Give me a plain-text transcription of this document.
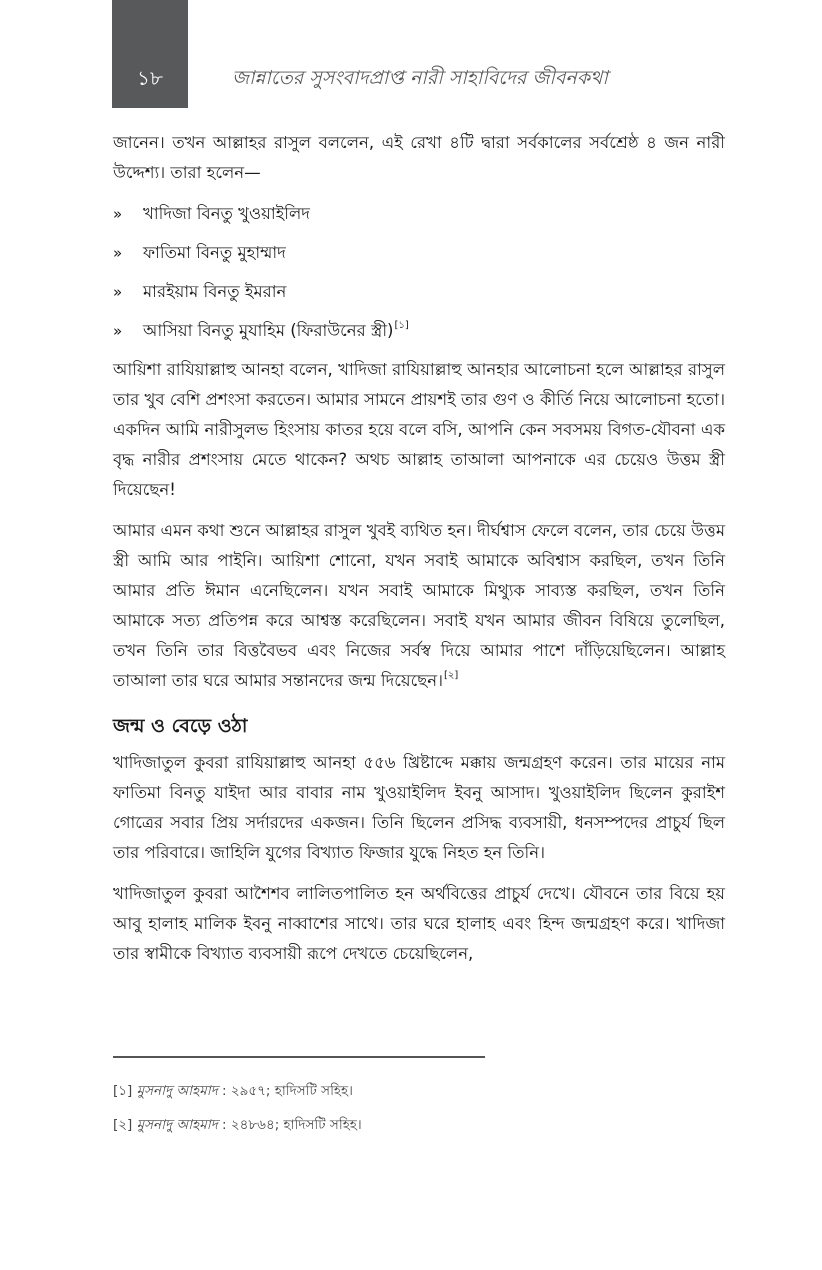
১৮	জান্নাতের সুসংবাদপ্রাপ্ত নারী সাহাবিদের জীবনকথা

জানেন। তখন আল্লাহর রাসুল বললেন, এই রেখা ৪টি দ্বারা সর্বকালের সর্বশ্রেষ্ঠ ৪ জন নারী উদ্দেশ্য। তারা হলেন—

»	খাদিজা বিনতু খুওয়াইলিদ
»	ফাতিমা বিনতু মুহাম্মাদ
»	মারইয়াম বিনতু ইমরান
»	আসিয়া বিনতু মুযাহিম (ফিরাউনের স্ত্রী)[১]

আয়িশা রাযিয়াল্লাহু আনহা বলেন, খাদিজা রাযিয়াল্লাহু আনহার আলোচনা হলে আল্লাহর রাসুল তার খুব বেশি প্রশংসা করতেন। আমার সামনে প্রায়শই তার গুণ ও কীর্তি নিয়ে আলোচনা হতো। একদিন আমি নারীসুলভ হিংসায় কাতর হয়ে বলে বসি, আপনি কেন সবসময় বিগত-যৌবনা এক বৃদ্ধ নারীর প্রশংসায় মেতে থাকেন? অথচ আল্লাহ তাআলা আপনাকে এর চেয়েও উত্তম স্ত্রী দিয়েছেন!

আমার এমন কথা শুনে আল্লাহর রাসুল খুবই ব্যথিত হন। দীর্ঘশ্বাস ফেলে বলেন, তার চেয়ে উত্তম স্ত্রী আমি আর পাইনি। আয়িশা শোনো, যখন সবাই আমাকে অবিশ্বাস করছিল, তখন তিনি আমার প্রতি ঈমান এনেছিলেন। যখন সবাই আমাকে মিথ্যুক সাব্যস্ত করছিল, তখন তিনি আমাকে সত্য প্রতিপন্ন করে আশ্বস্ত করেছিলেন। সবাই যখন আমার জীবন বিষিয়ে তুলেছিল, তখন তিনি তার বিত্তবৈভব এবং নিজের সর্বস্ব দিয়ে আমার পাশে দাঁড়িয়েছিলেন। আল্লাহ তাআলা তার ঘরে আমার সন্তানদের জন্ম দিয়েছেন।[২]

জন্ম ও বেড়ে ওঠা

খাদিজাতুল কুবরা রাযিয়াল্লাহু আনহা ৫৫৬ খ্রিষ্টাব্দে মক্কায় জন্মগ্রহণ করেন। তার মায়ের নাম ফাতিমা বিনতু যাইদা আর বাবার নাম খুওয়াইলিদ ইবনু আসাদ। খুওয়াইলিদ ছিলেন কুরাইশ গোত্রের সবার প্রিয় সর্দারদের একজন। তিনি ছিলেন প্রসিদ্ধ ব্যবসায়ী, ধনসম্পদের প্রাচুর্য ছিল তার পরিবারে। জাহিলি যুগের বিখ্যাত ফিজার যুদ্ধে নিহত হন তিনি।

খাদিজাতুল কুবরা আশৈশব লালিতপালিত হন অর্থবিত্তের প্রাচুর্য দেখে। যৌবনে তার বিয়ে হয় আবু হালাহ মালিক ইবনু নাব্বাশের সাথে। তার ঘরে হালাহ এবং হিন্দ জন্মগ্রহণ করে। খাদিজা তার স্বামীকে বিখ্যাত ব্যবসায়ী রূপে দেখতে চেয়েছিলেন,

[১] মুসনাদু আহমাদ : ২৯৫৭; হাদিসটি সহিহ।
[২] মুসনাদু আহমাদ : ২৪৮৬৪; হাদিসটি সহিহ।
